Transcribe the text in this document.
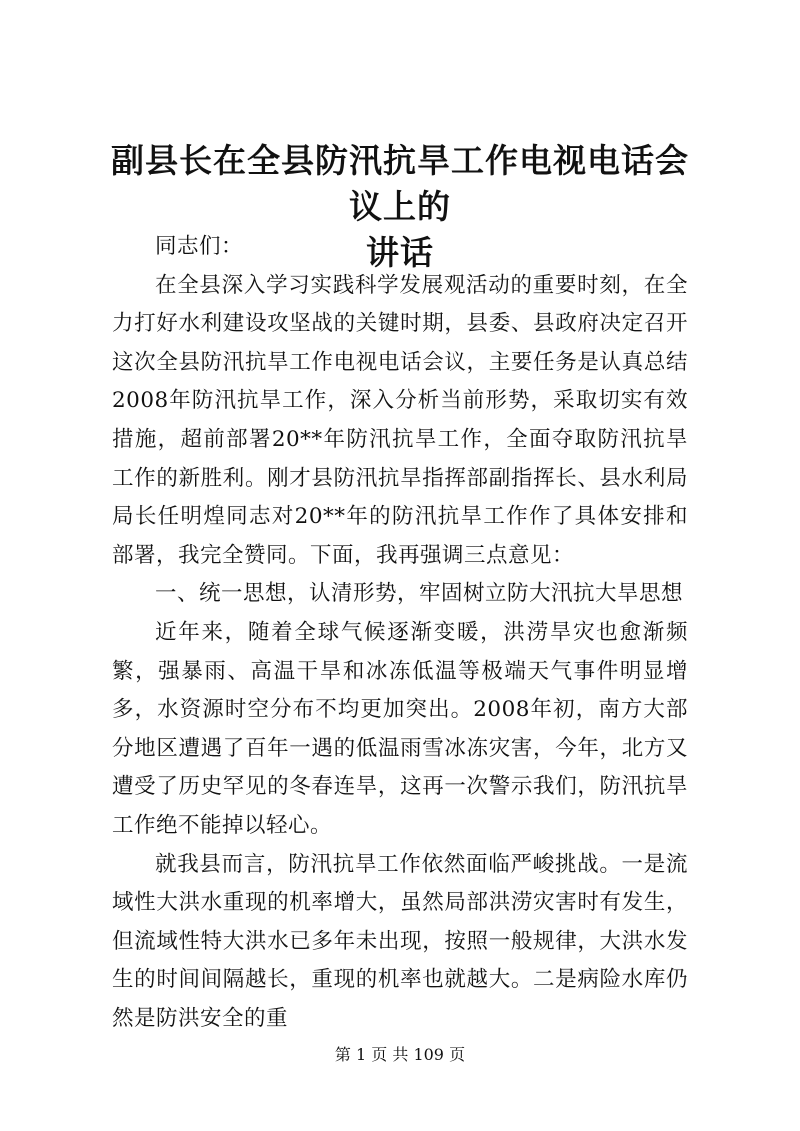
副县长在全县防汛抗旱工作电视电话会议上的
讲话

同志们：

在全县深入学习实践科学发展观活动的重要时刻，在全力打好水利建设攻坚战的关键时期，县委、县政府决定召开这次全县防汛抗旱工作电视电话会议，主要任务是认真总结2008年防汛抗旱工作，深入分析当前形势，采取切实有效措施，超前部署20**年防汛抗旱工作，全面夺取防汛抗旱工作的新胜利。刚才县防汛抗旱指挥部副指挥长、县水利局局长任明煌同志对20**年的防汛抗旱工作作了具体安排和部署，我完全赞同。下面，我再强调三点意见：

一、统一思想，认清形势，牢固树立防大汛抗大旱思想

近年来，随着全球气候逐渐变暖，洪涝旱灾也愈渐频繁，强暴雨、高温干旱和冰冻低温等极端天气事件明显增多，水资源时空分布不均更加突出。2008年初，南方大部分地区遭遇了百年一遇的低温雨雪冰冻灾害，今年，北方又遭受了历史罕见的冬春连旱，这再一次警示我们，防汛抗旱工作绝不能掉以轻心。

就我县而言，防汛抗旱工作依然面临严峻挑战。一是流域性大洪水重现的机率增大，虽然局部洪涝灾害时有发生，但流域性特大洪水已多年未出现，按照一般规律，大洪水发生的时间间隔越长，重现的机率也就越大。二是病险水库仍然是防洪安全的重

第 1 页 共 109 页
